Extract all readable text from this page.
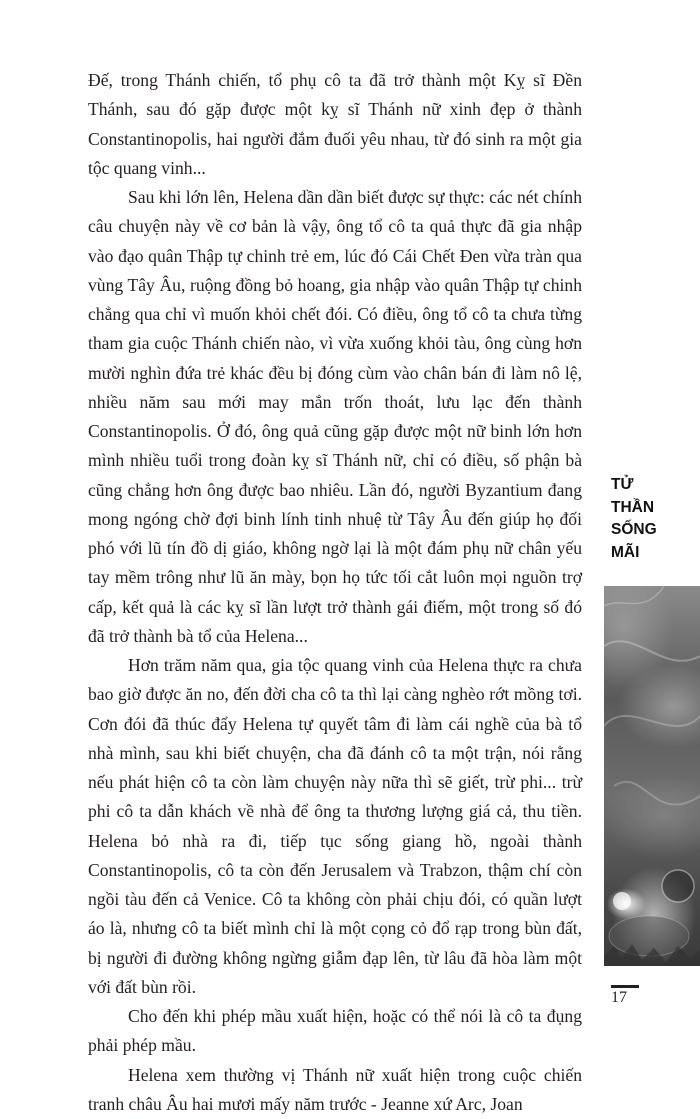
Đế, trong Thánh chiến, tổ phụ cô ta đã trở thành một Kỵ sĩ Đền Thánh, sau đó gặp được một kỵ sĩ Thánh nữ xinh đẹp ở thành Constantinopolis, hai người đắm đuối yêu nhau, từ đó sinh ra một gia tộc quang vinh...

Sau khi lớn lên, Helena dần dần biết được sự thực: các nét chính câu chuyện này về cơ bản là vậy, ông tổ cô ta quả thực đã gia nhập vào đạo quân Thập tự chinh trẻ em, lúc đó Cái Chết Đen vừa tràn qua vùng Tây Âu, ruộng đồng bỏ hoang, gia nhập vào quân Thập tự chinh chẳng qua chỉ vì muốn khỏi chết đói. Có điều, ông tổ cô ta chưa từng tham gia cuộc Thánh chiến nào, vì vừa xuống khỏi tàu, ông cùng hơn mười nghìn đứa trẻ khác đều bị đóng cùm vào chân bán đi làm nô lệ, nhiều năm sau mới may mắn trốn thoát, lưu lạc đến thành Constantinopolis. Ở đó, ông quả cũng gặp được một nữ binh lớn hơn mình nhiều tuổi trong đoàn kỵ sĩ Thánh nữ, chỉ có điều, số phận bà cũng chẳng hơn ông được bao nhiêu. Lần đó, người Byzantium đang mong ngóng chờ đợi binh lính tinh nhuệ từ Tây Âu đến giúp họ đối phó với lũ tín đồ dị giáo, không ngờ lại là một đám phụ nữ chân yếu tay mềm trông như lũ ăn mày, bọn họ tức tối cắt luôn mọi nguồn trợ cấp, kết quả là các kỵ sĩ lần lượt trở thành gái điếm, một trong số đó đã trở thành bà tổ của Helena...

Hơn trăm năm qua, gia tộc quang vinh của Helena thực ra chưa bao giờ được ăn no, đến đời cha cô ta thì lại càng nghèo rớt mồng tơi. Cơn đói đã thúc đẩy Helena tự quyết tâm đi làm cái nghề của bà tổ nhà mình, sau khi biết chuyện, cha đã đánh cô ta một trận, nói rằng nếu phát hiện cô ta còn làm chuyện này nữa thì sẽ giết, trừ phi... trừ phi cô ta dẫn khách về nhà để ông ta thương lượng giá cả, thu tiền. Helena bỏ nhà ra đi, tiếp tục sống giang hồ, ngoài thành Constantinopolis, cô ta còn đến Jerusalem và Trabzon, thậm chí còn ngồi tàu đến cả Venice. Cô ta không còn phải chịu đói, có quần lượt áo là, nhưng cô ta biết mình chỉ là một cọng cỏ đổ rạp trong bùn đất, bị người đi đường không ngừng giẫm đạp lên, từ lâu đã hòa làm một với đất bùn rồi.

Cho đến khi phép mầu xuất hiện, hoặc có thể nói là cô ta đụng phải phép mầu.

Helena xem thường vị Thánh nữ xuất hiện trong cuộc chiến tranh châu Âu hai mươi mấy năm trước - Jeanne xứ Arc, Joan

TỬ
THẦN
SỐNG
MÃI
17
